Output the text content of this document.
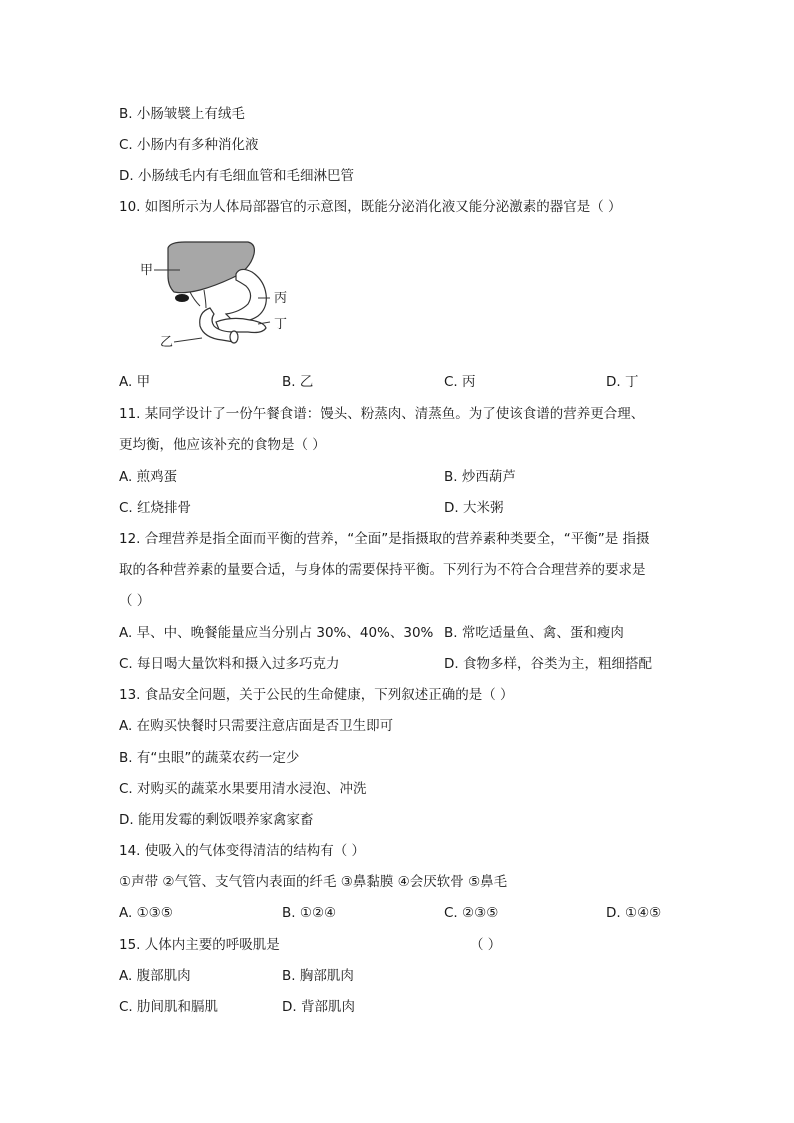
B. 小肠皱襞上有绒毛
C. 小肠内有多种消化液
D. 小肠绒毛内有毛细血管和毛细淋巴管
10. 如图所示为人体局部器官的示意图，既能分泌消化液又能分泌激素的器官是（ ）
甲
丙
丁
乙
A. 甲	B. 乙	C. 丙	D. 丁
11. 某同学设计了一份午餐食谱：馒头、粉蒸肉、清蒸鱼。为了使该食谱的营养更合理、
更均衡，他应该补充的食物是（ ）
A. 煎鸡蛋	B. 炒西葫芦
C. 红烧排骨	D. 大米粥
12. 合理营养是指全面而平衡的营养，“全面”是指摄取的营养素种类要全，“平衡”是 指摄
取的各种营养素的量要合适，与身体的需要保持平衡。下列行为不符合合理营养的要求是
（ ）
A. 早、中、晚餐能量应当分别占 30%、40%、30% B. 常吃适量鱼、禽、蛋和瘦肉
C. 每日喝大量饮料和摄入过多巧克力	D. 食物多样，谷类为主，粗细搭配
13. 食品安全问题，关于公民的生命健康，下列叙述正确的是（ ）
A. 在购买快餐时只需要注意店面是否卫生即可
B. 有“虫眼”的蔬菜农药一定少
C. 对购买的蔬菜水果要用清水浸泡、冲洗
D. 能用发霉的剩饭喂养家禽家畜
14. 使吸入的气体变得清洁的结构有（ ）
①声带 ②气管、支气管内表面的纤毛 ③鼻黏膜 ④会厌软骨 ⑤鼻毛
A. ①③⑤	B. ①②④	C. ②③⑤	D. ①④⑤
15. 人体内主要的呼吸肌是	（ ）
A. 腹部肌肉	B. 胸部肌肉
C. 肋间肌和膈肌	D. 背部肌肉
